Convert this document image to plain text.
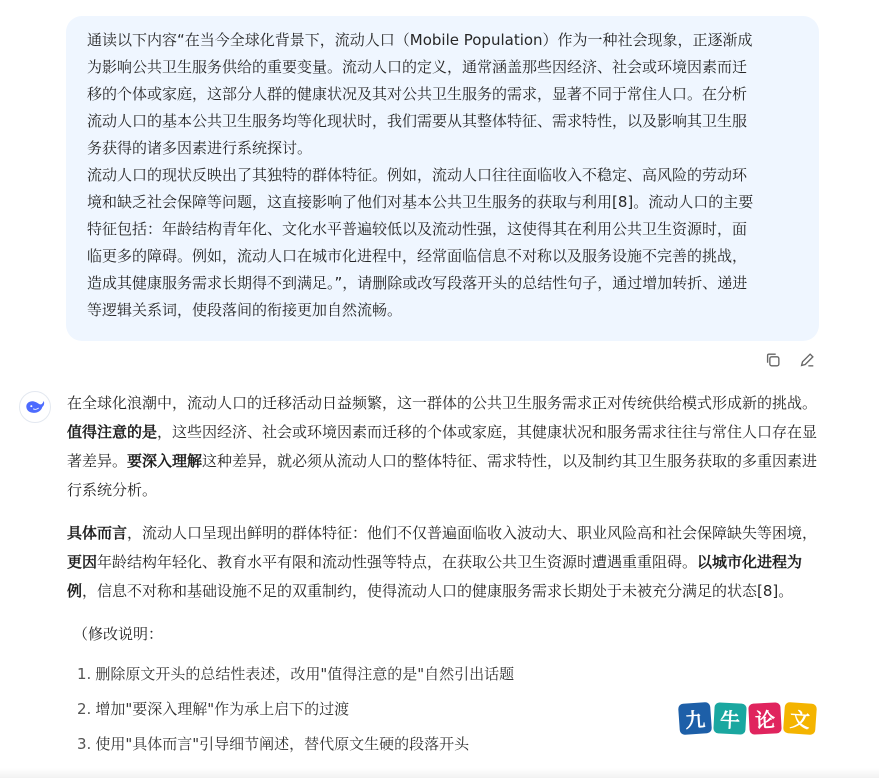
通读以下内容“在当今全球化背景下，流动人口（Mobile Population）作为一种社会现象，正逐渐成

为影响公共卫生服务供给的重要变量。流动人口的定义，通常涵盖那些因经济、社会或环境因素而迁

移的个体或家庭，这部分人群的健康状况及其对公共卫生服务的需求，显著不同于常住人口。在分析

流动人口的基本公共卫生服务均等化现状时，我们需要从其整体特征、需求特性，以及影响其卫生服

务获得的诸多因素进行系统探讨。

流动人口的现状反映出了其独特的群体特征。例如，流动人口往往面临收入不稳定、高风险的劳动环

境和缺乏社会保障等问题，这直接影响了他们对基本公共卫生服务的获取与利用[8]。流动人口的主要

特征包括：年龄结构青年化、文化水平普遍较低以及流动性强，这使得其在利用公共卫生资源时，面

临更多的障碍。例如，流动人口在城市化进程中，经常面临信息不对称以及服务设施不完善的挑战，

造成其健康服务需求长期得不到满足。”，请删除或改写段落开头的总结性句子，通过增加转折、递进

等逻辑关系词，使段落间的衔接更加自然流畅。

在全球化浪潮中，流动人口的迁移活动日益频繁，这一群体的公共卫生服务需求正对传统供给模式形成新的挑战。值得注意的是，这些因经济、社会或环境因素而迁移的个体或家庭，其健康状况和服务需求往往与常住人口存在显著差异。要深入理解这种差异，就必须从流动人口的整体特征、需求特性，以及制约其卫生服务获取的多重因素进行系统分析。

具体而言，流动人口呈现出鲜明的群体特征：他们不仅普遍面临收入波动大、职业风险高和社会保障缺失等困境，更因年龄结构年轻化、教育水平有限和流动性强等特点，在获取公共卫生资源时遭遇重重阻碍。以城市化进程为例，信息不对称和基础设施不足的双重制约，使得流动人口的健康服务需求长期处于未被充分满足的状态[8]。

（修改说明：

1. 删除原文开头的总结性表述，改用"值得注意的是"自然引出话题
2. 增加"要深入理解"作为承上启下的过渡
3. 使用"具体而言"引导细节阐述，替代原文生硬的段落开头
九 牛 论 文
